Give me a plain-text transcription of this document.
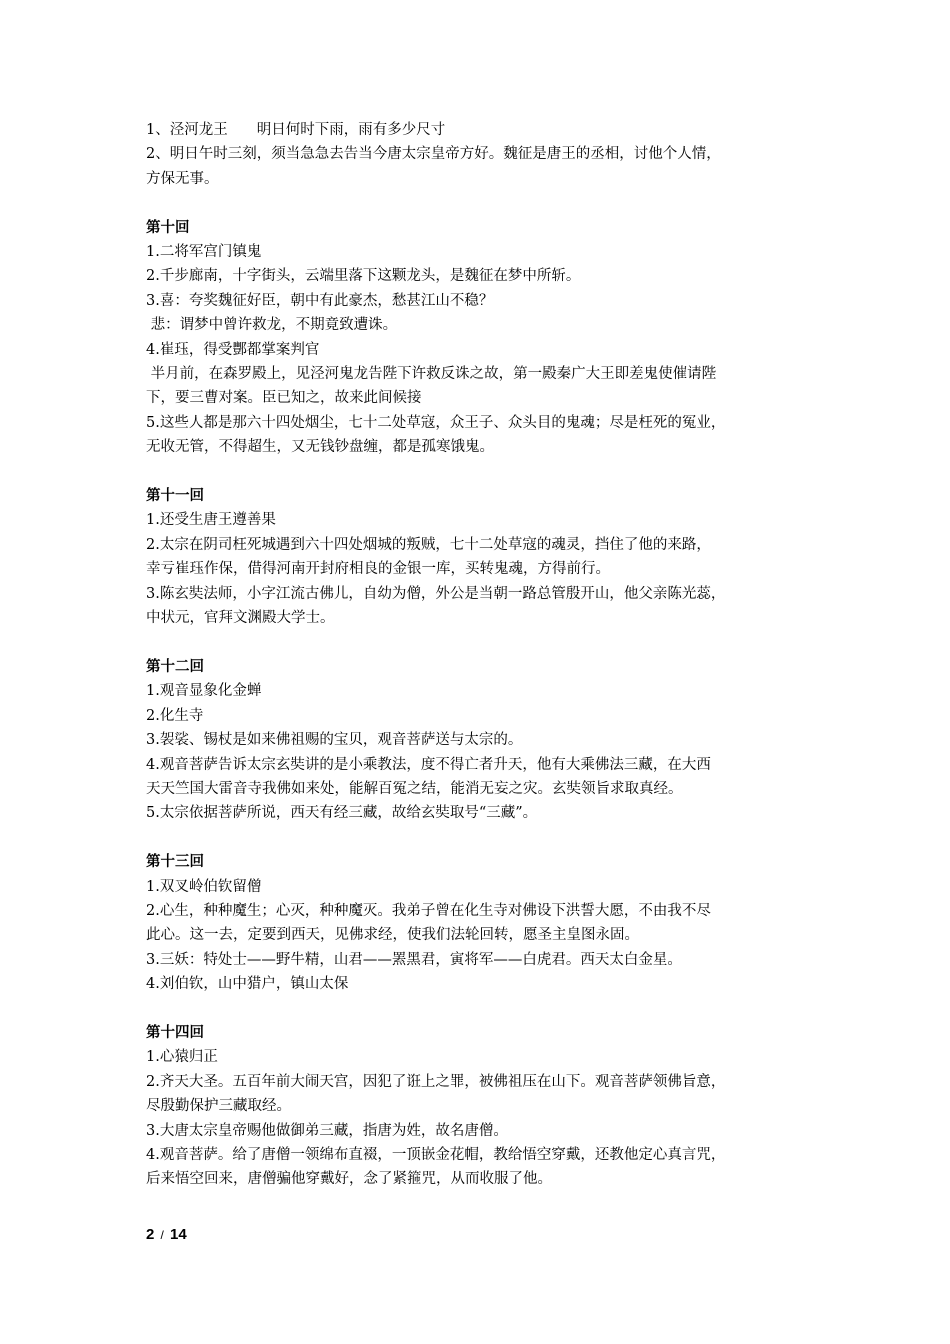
1、泾河龙王　　明日何时下雨，雨有多少尺寸

2、明日午时三刻，须当急急去告当今唐太宗皇帝方好。魏征是唐王的丞相，讨他个人情，

方保无事。

第十回

1.二将军宫门镇鬼

2.千步廊南，十字街头，云端里落下这颗龙头，是魏征在梦中所斩。

3.喜：夸奖魏征好臣，朝中有此豪杰，愁甚江山不稳？

悲：谓梦中曾许救龙，不期竟致遭诛。

4.崔珏，得受酆都掌案判官

半月前，在森罗殿上，见泾河鬼龙告陛下许救反诛之故，第一殿秦广大王即差鬼使催请陛

下，要三曹对案。臣已知之，故来此间候接

5.这些人都是那六十四处烟尘，七十二处草寇，众王子、众头目的鬼魂；尽是枉死的冤业，

无收无管，不得超生，又无钱钞盘缠，都是孤寒饿鬼。

第十一回

1.还受生唐王遵善果

2.太宗在阴司枉死城遇到六十四处烟城的叛贼，七十二处草寇的魂灵，挡住了他的来路，

幸亏崔珏作保，借得河南开封府相良的金银一库，买转鬼魂，方得前行。

3.陈玄奘法师，小字江流古佛儿，自幼为僧，外公是当朝一路总管殷开山，他父亲陈光蕊，

中状元，官拜文渊殿大学士。

第十二回

1.观音显象化金蝉

2.化生寺

3.袈裟、锡杖是如来佛祖赐的宝贝，观音菩萨送与太宗的。

4.观音菩萨告诉太宗玄奘讲的是小乘教法，度不得亡者升天，他有大乘佛法三藏，在大西

天天竺国大雷音寺我佛如来处，能解百冤之结，能消无妄之灾。玄奘领旨求取真经。

5.太宗依据菩萨所说，西天有经三藏，故给玄奘取号“三藏”。

第十三回

1.双叉岭伯钦留僧

2.心生，种种魔生；心灭，种种魔灭。我弟子曾在化生寺对佛设下洪誓大愿，不由我不尽

此心。这一去，定要到西天，见佛求经，使我们法轮回转，愿圣主皇图永固。

3.三妖：特处士——野牛精，山君——罴黑君，寅将军——白虎君。西天太白金星。

4.刘伯钦，山中猎户，镇山太保

第十四回

1.心猿归正

2.齐天大圣。五百年前大闹天宫，因犯了诳上之罪，被佛祖压在山下。观音菩萨领佛旨意，

尽殷勤保护三藏取经。

3.大唐太宗皇帝赐他做御弟三藏，指唐为姓，故名唐僧。

4.观音菩萨。给了唐僧一领绵布直裰，一顶嵌金花帽，教给悟空穿戴，还教他定心真言咒，

后来悟空回来，唐僧骗他穿戴好，念了紧箍咒，从而收服了他。

2 / 14
